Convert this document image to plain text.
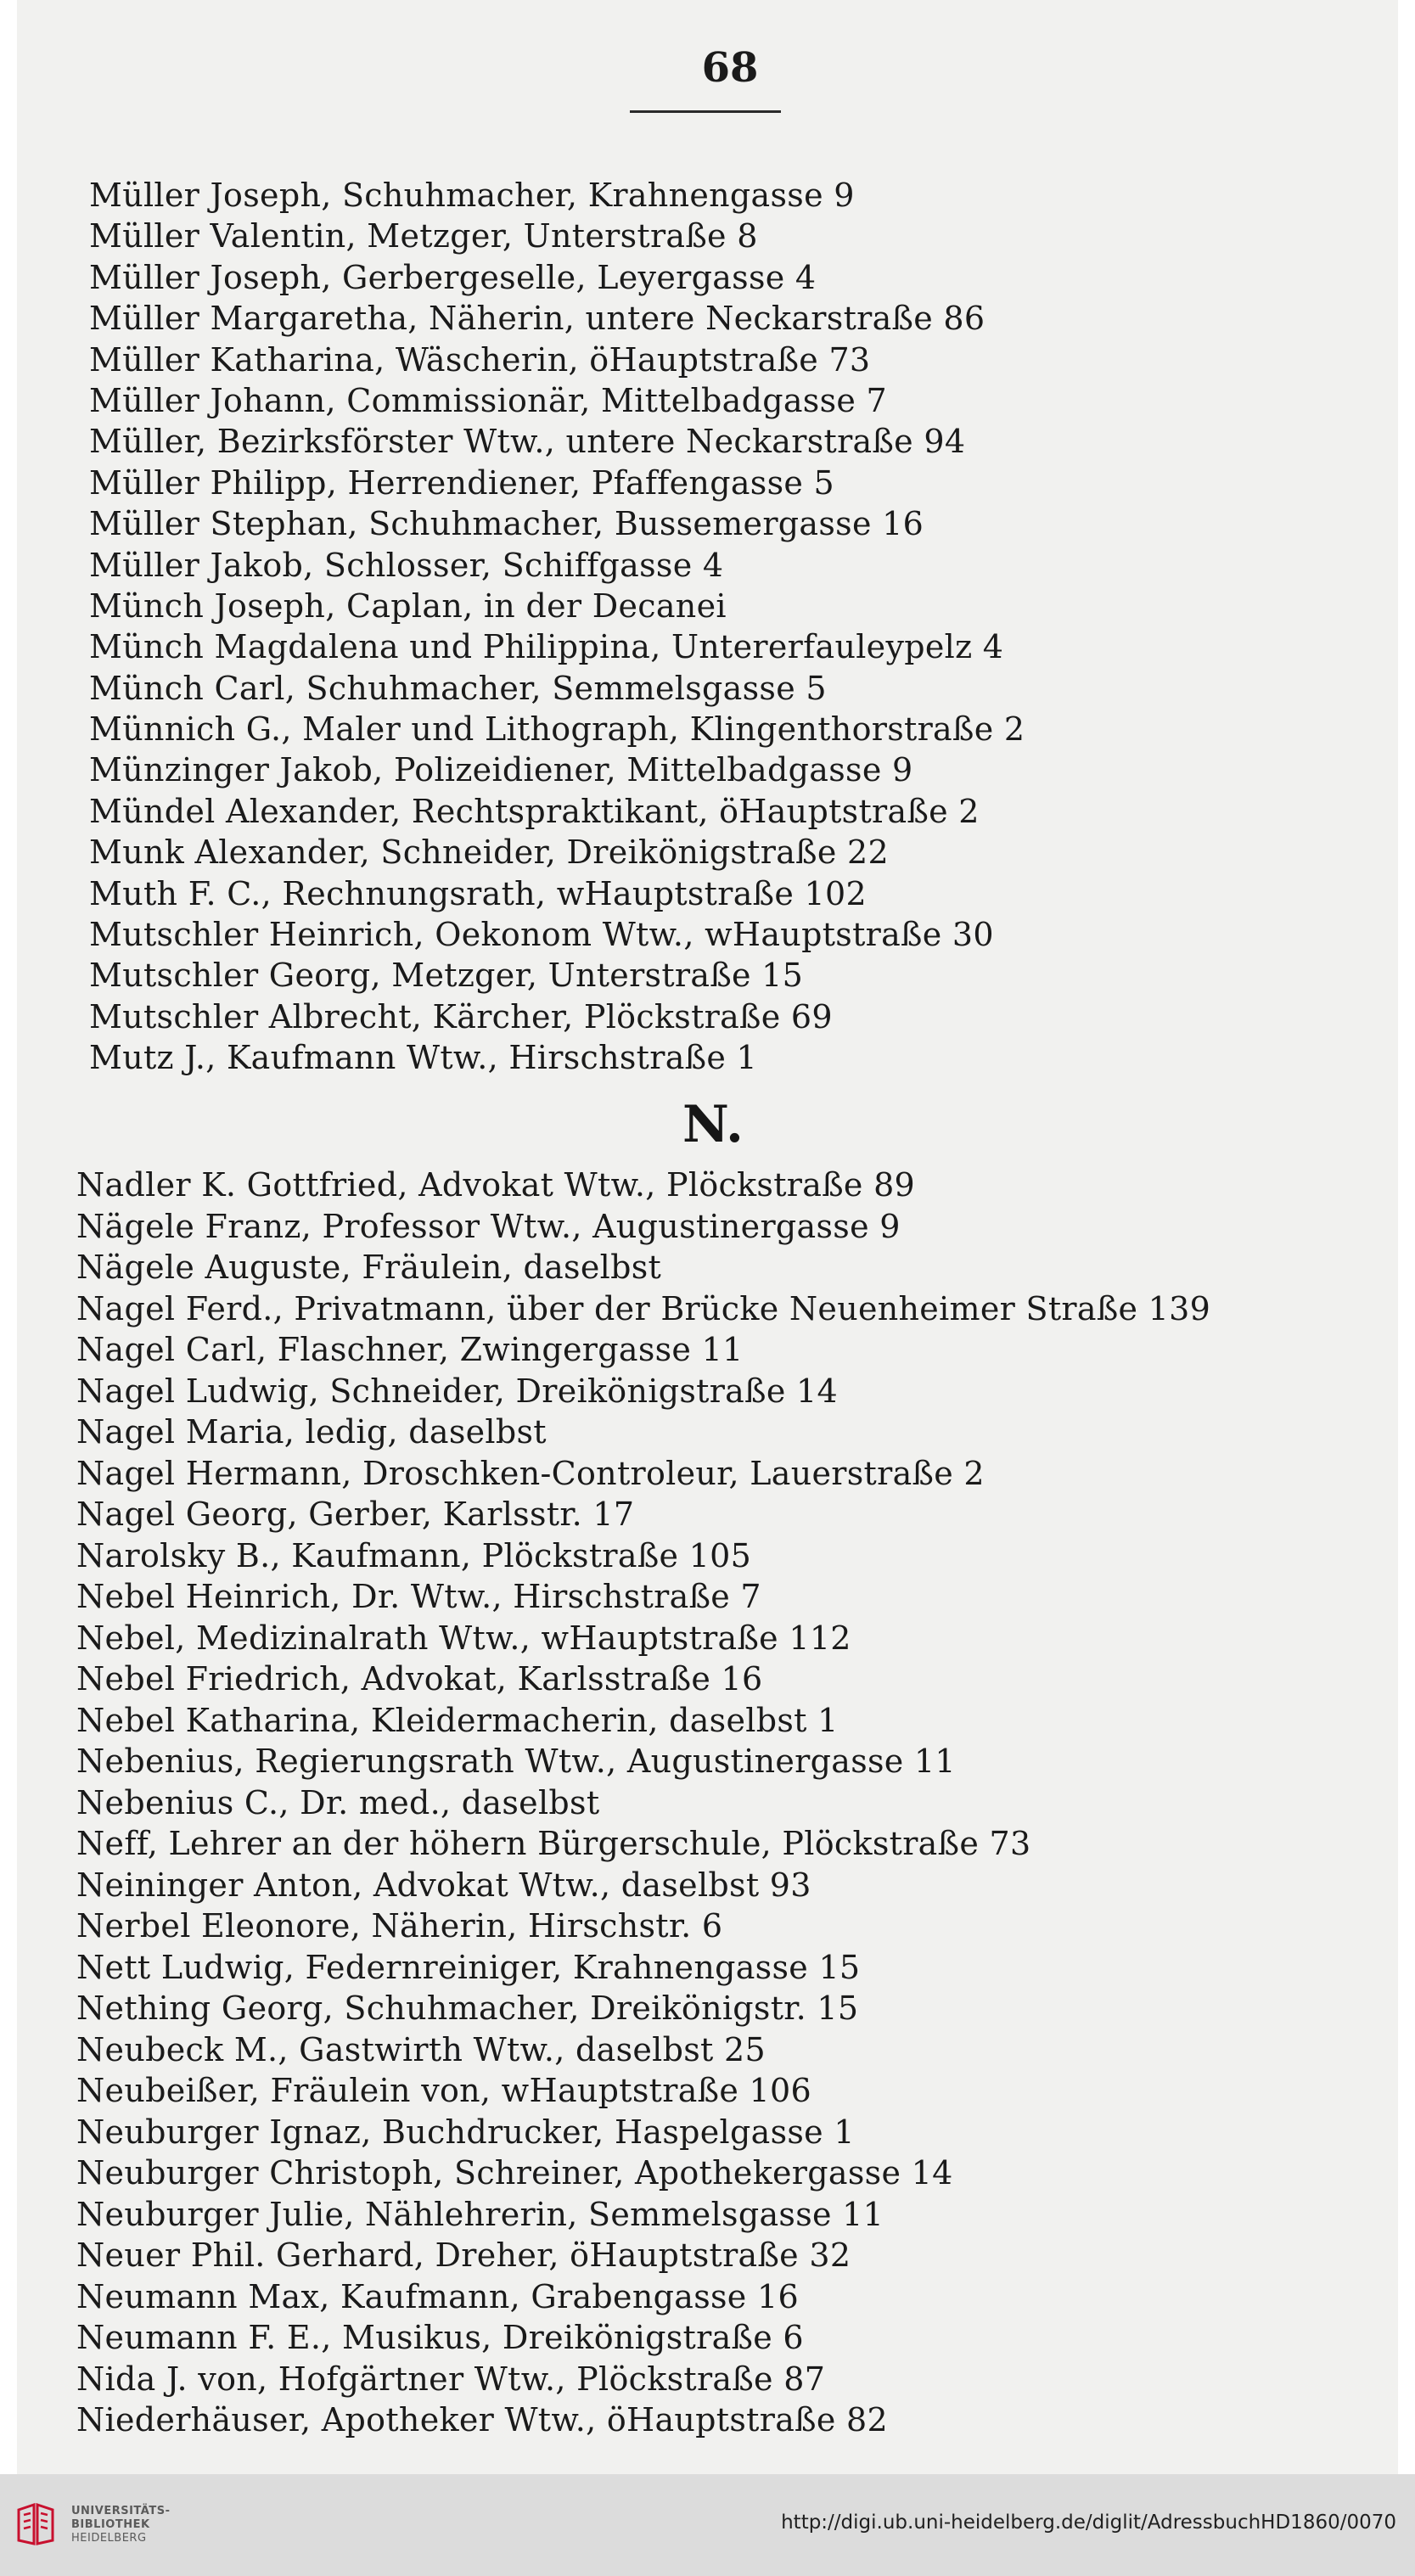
68
Müller Joseph, Schuhmacher, Krahnengasse 9
Müller Valentin, Metzger, Unterstraße 8
Müller Joseph, Gerbergeselle, Leyergasse 4
Müller Margaretha, Näherin, untere Neckarstraße 86
Müller Katharina, Wäscherin, öHauptstraße 73
Müller Johann, Commissionär, Mittelbadgasse 7
Müller, Bezirksförster Wtw., untere Neckarstraße 94
Müller Philipp, Herrendiener, Pfaffengasse 5
Müller Stephan, Schuhmacher, Bussemergasse 16
Müller Jakob, Schlosser, Schiffgasse 4
Münch Joseph, Caplan, in der Decanei
Münch Magdalena und Philippina, Untererfauleypelz 4
Münch Carl, Schuhmacher, Semmelsgasse 5
Münnich G., Maler und Lithograph, Klingenthorstraße 2
Münzinger Jakob, Polizeidiener, Mittelbadgasse 9
Mündel Alexander, Rechtspraktikant, öHauptstraße 2
Munk Alexander, Schneider, Dreikönigstraße 22
Muth F. C., Rechnungsrath, wHauptstraße 102
Mutschler Heinrich, Oekonom Wtw., wHauptstraße 30
Mutschler Georg, Metzger, Unterstraße 15
Mutschler Albrecht, Kärcher, Plöckstraße 69
Mutz J., Kaufmann Wtw., Hirschstraße 1
N.
Nadler K. Gottfried, Advokat Wtw., Plöckstraße 89
Nägele Franz, Professor Wtw., Augustinergasse 9
Nägele Auguste, Fräulein, daselbst
Nagel Ferd., Privatmann, über der Brücke Neuenheimer Straße 139
Nagel Carl, Flaschner, Zwingergasse 11
Nagel Ludwig, Schneider, Dreikönigstraße 14
Nagel Maria, ledig, daselbst
Nagel Hermann, Droschken-Controleur, Lauerstraße 2
Nagel Georg, Gerber, Karlsstr. 17
Narolsky B., Kaufmann, Plöckstraße 105
Nebel Heinrich, Dr. Wtw., Hirschstraße 7
Nebel, Medizinalrath Wtw., wHauptstraße 112
Nebel Friedrich, Advokat, Karlsstraße 16
Nebel Katharina, Kleidermacherin, daselbst 1
Nebenius, Regierungsrath Wtw., Augustinergasse 11
Nebenius C., Dr. med., daselbst
Neff, Lehrer an der höhern Bürgerschule, Plöckstraße 73
Neininger Anton, Advokat Wtw., daselbst 93
Nerbel Eleonore, Näherin, Hirschstr. 6
Nett Ludwig, Federnreiniger, Krahnengasse 15
Nething Georg, Schuhmacher, Dreikönigstr. 15
Neubeck M., Gastwirth Wtw., daselbst 25
Neubeißer, Fräulein von, wHauptstraße 106
Neuburger Ignaz, Buchdrucker, Haspelgasse 1
Neuburger Christoph, Schreiner, Apothekergasse 14
Neuburger Julie, Nählehrerin, Semmelsgasse 11
Neuer Phil. Gerhard, Dreher, öHauptstraße 32
Neumann Max, Kaufmann, Grabengasse 16
Neumann F. E., Musikus, Dreikönigstraße 6
Nida J. von, Hofgärtner Wtw., Plöckstraße 87
Niederhäuser, Apotheker Wtw., öHauptstraße 82
UNIVERSITÄTS-
BIBLIOTHEK
HEIDELBERG
http://digi.ub.uni-heidelberg.de/diglit/AdressbuchHD1860/0070
